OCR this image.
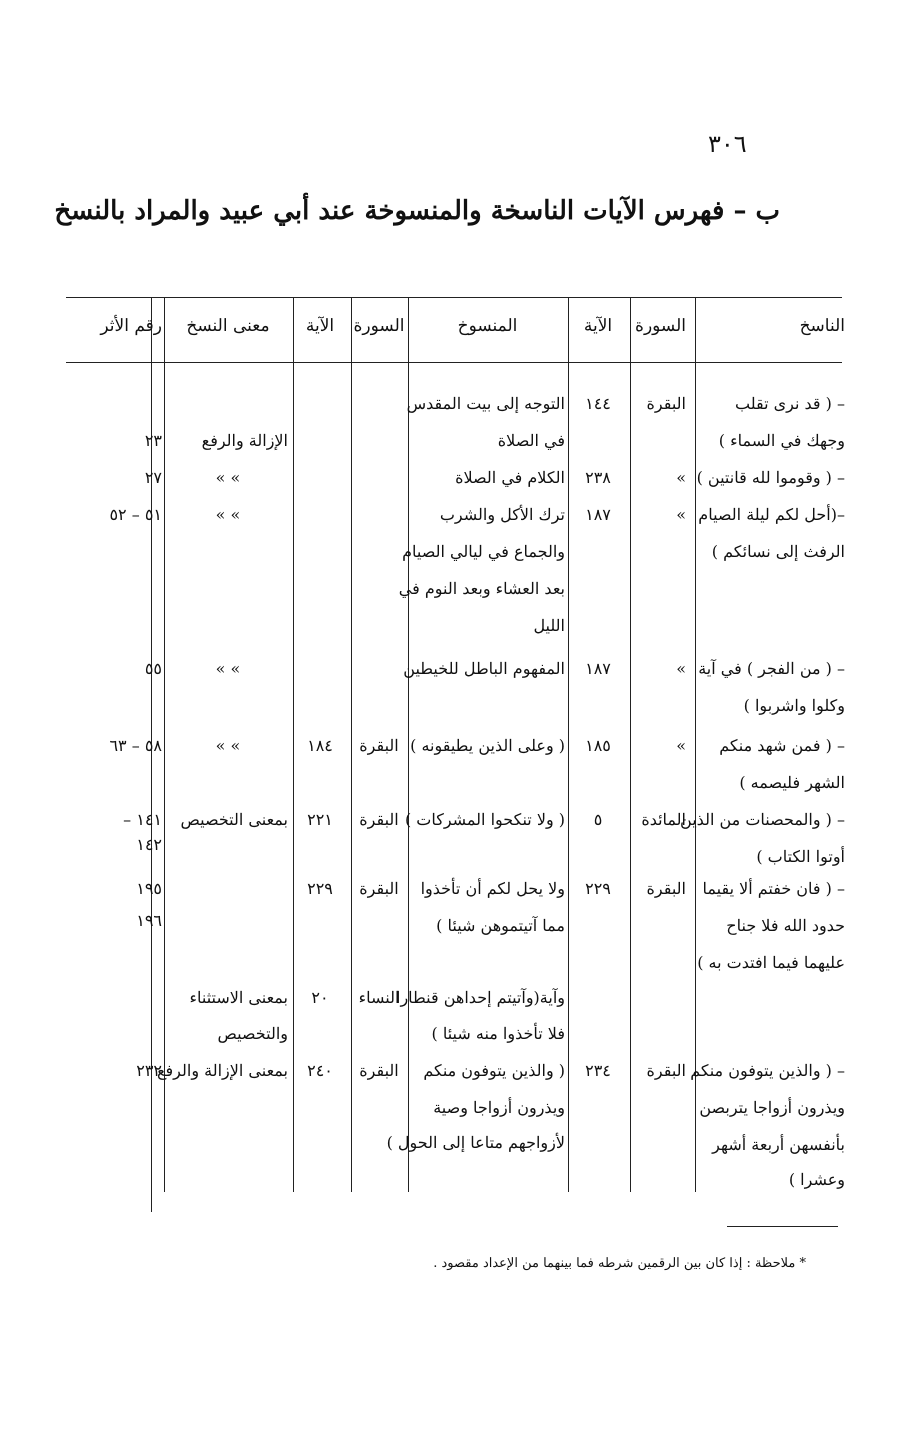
٣٠٦
ب – فهرس الآيات الناسخة والمنسوخة عند أبي عبيد والمراد بالنسخ
الناسخ
السورة
الآية
المنسوخ
السورة
الآية
معنى النسخ
رقم الأثر
– ( قد نرى تقلب
وجهك في السماء )
البقرة
١٤٤
التوجه إلى بيت المقدس
في الصلاة
الإزالة والرفع
٢٣
– ( وقوموا لله قانتين )
»
٢٣٨
الكلام في الصلاة
» »
٢٧
–(أحل لكم ليلة الصيام
الرفث إلى نسائكم )
»
١٨٧
ترك الأكل والشرب
والجماع في ليالي الصيام
بعد العشاء وبعد النوم في
الليل
» »
٥١ – ٥٢
– ( من الفجر ) في آية
وكلوا واشربوا )
»
١٨٧
المفهوم الباطل للخيطين
» »
٥٥
– ( فمن شهد منكم
الشهر فليصمه )
»
١٨٥
( وعلى الذين يطيقونه )
البقرة
١٨٤
» »
٥٨ – ٦٣
– ( والمحصنات من الذين
أوتوا الكتاب )
المائدة
٥
( ولا تنكحوا المشركات )
البقرة
٢٢١
بمعنى التخصيص
١٤١ –
١٤٢
– ( فان خفتم ألا يقيما
حدود الله فلا جناح
عليهما فيما افتدت به )
البقرة
٢٢٩
ولا يحل لكم أن تأخذوا
مما آتيتموهن شيئا )
البقرة
٢٢٩
١٩٥
١٩٦
وآية(وآتيتم إحداهن قنطارا
فلا تأخذوا منه شيئا )
النساء
٢٠
بمعنى الاستثناء
والتخصيص
– ( والذين يتوفون منكم
ويذرون أزواجا يتربصن
بأنفسهن أربعة أشهر
وعشرا )
البقرة
٢٣٤
( والذين يتوفون منكم
ويذرون أزواجا وصية
لأزواجهم متاعا إلى الحول )
البقرة
٢٤٠
بمعنى الإزالة والرفع
٢٣٢
* ملاحظة : إذا كان بين الرقمين شرطه فما بينهما من الإعداد مقصود .
